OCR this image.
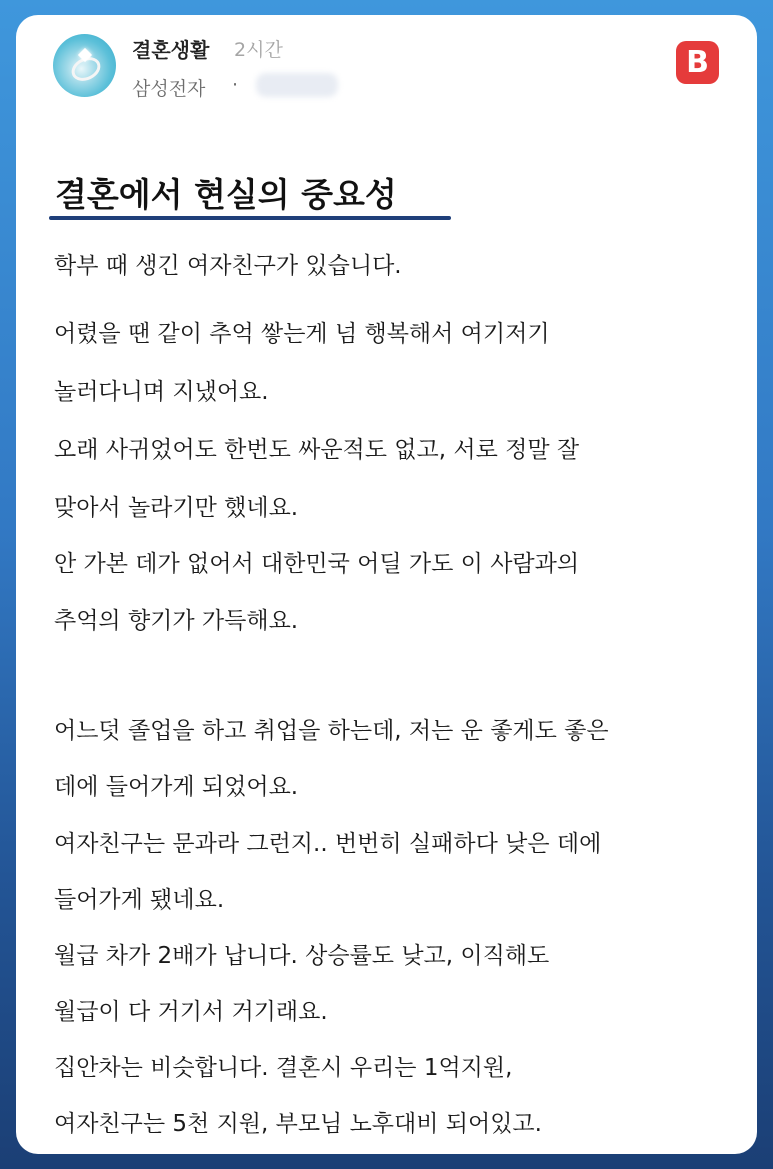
결혼생활 2시간
삼성전자 ·
B
결혼에서 현실의 중요성

학부 때 생긴 여자친구가 있습니다.

어렸을 땐 같이 추억 쌓는게 넘 행복해서 여기저기

놀러다니며 지냈어요.

오래 사귀었어도 한번도 싸운적도 없고, 서로 정말 잘

맞아서 놀라기만 했네요.

안 가본 데가 없어서 대한민국 어딜 가도 이 사람과의

추억의 향기가 가득해요.

어느덧 졸업을 하고 취업을 하는데, 저는 운 좋게도 좋은

데에 들어가게 되었어요.

여자친구는 문과라 그런지.. 번번히 실패하다 낮은 데에

들어가게 됐네요.

월급 차가 2배가 납니다. 상승률도 낮고, 이직해도

월급이 다 거기서 거기래요.

집안차는 비슷합니다. 결혼시 우리는 1억지원,

여자친구는 5천 지원, 부모님 노후대비 되어있고.
